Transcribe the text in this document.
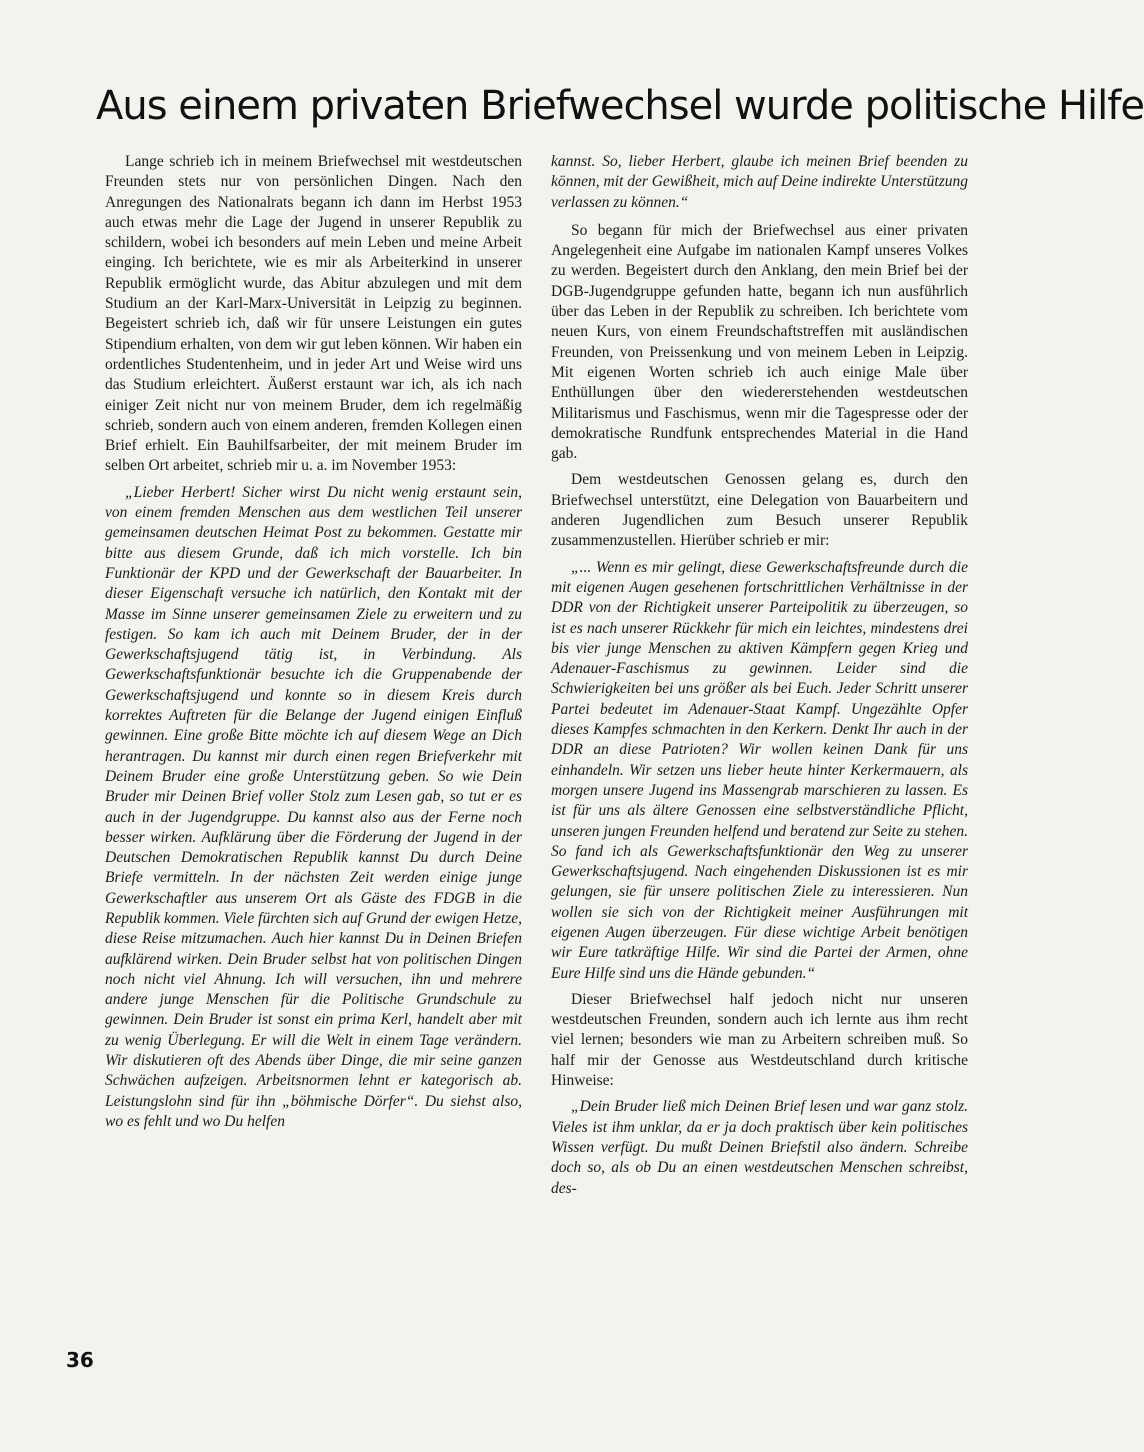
Aus einem privaten Briefwechsel wurde politische Hilfe

Lange schrieb ich in meinem Briefwechsel mit westdeutschen Freunden stets nur von persönlichen Dingen. Nach den Anregungen des Nationalrats begann ich dann im Herbst 1953 auch etwas mehr die Lage der Jugend in unserer Republik zu schildern, wobei ich besonders auf mein Leben und meine Arbeit einging. Ich berichtete, wie es mir als Arbeiterkind in unserer Republik ermöglicht wurde, das Abitur abzulegen und mit dem Studium an der Karl-Marx-Universität in Leipzig zu beginnen. Begeistert schrieb ich, daß wir für unsere Leistungen ein gutes Stipendium erhalten, von dem wir gut leben können. Wir haben ein ordentliches Studentenheim, und in jeder Art und Weise wird uns das Studium erleichtert. Äußerst erstaunt war ich, als ich nach einiger Zeit nicht nur von meinem Bruder, dem ich regelmäßig schrieb, sondern auch von einem anderen, fremden Kollegen einen Brief erhielt. Ein Bauhilfsarbeiter, der mit meinem Bruder im selben Ort arbeitet, schrieb mir u. a. im November 1953:

„Lieber Herbert! Sicher wirst Du nicht wenig erstaunt sein, von einem fremden Menschen aus dem westlichen Teil unserer gemeinsamen deutschen Heimat Post zu bekommen. Gestatte mir bitte aus diesem Grunde, daß ich mich vorstelle. Ich bin Funktionär der KPD und der Gewerkschaft der Bauarbeiter. In dieser Eigenschaft versuche ich natürlich, den Kontakt mit der Masse im Sinne unserer gemeinsamen Ziele zu erweitern und zu festigen. So kam ich auch mit Deinem Bruder, der in der Gewerkschaftsjugend tätig ist, in Verbindung. Als Gewerkschaftsfunktionär besuchte ich die Gruppenabende der Gewerkschaftsjugend und konnte so in diesem Kreis durch korrektes Auftreten für die Belange der Jugend einigen Einfluß gewinnen. Eine große Bitte möchte ich auf diesem Wege an Dich herantragen. Du kannst mir durch einen regen Briefverkehr mit Deinem Bruder eine große Unterstützung geben. So wie Dein Bruder mir Deinen Brief voller Stolz zum Lesen gab, so tut er es auch in der Jugendgruppe. Du kannst also aus der Ferne noch besser wirken. Aufklärung über die Förderung der Jugend in der Deutschen Demokratischen Republik kannst Du durch Deine Briefe vermitteln. In der nächsten Zeit werden einige junge Gewerkschaftler aus unserem Ort als Gäste des FDGB in die Republik kommen. Viele fürchten sich auf Grund der ewigen Hetze, diese Reise mitzumachen. Auch hier kannst Du in Deinen Briefen aufklärend wirken. Dein Bruder selbst hat von politischen Dingen noch nicht viel Ahnung. Ich will versuchen, ihn und mehrere andere junge Menschen für die Politische Grundschule zu gewinnen. Dein Bruder ist sonst ein prima Kerl, handelt aber mit zu wenig Überlegung. Er will die Welt in einem Tage verändern. Wir diskutieren oft des Abends über Dinge, die mir seine ganzen Schwächen aufzeigen. Arbeitsnormen lehnt er kategorisch ab. Leistungslohn sind für ihn „böhmische Dörfer“. Du siehst also, wo es fehlt und wo Du helfen

kannst. So, lieber Herbert, glaube ich meinen Brief beenden zu können, mit der Gewißheit, mich auf Deine indirekte Unterstützung verlassen zu können.“

So begann für mich der Briefwechsel aus einer privaten Angelegenheit eine Aufgabe im nationalen Kampf unseres Volkes zu werden. Begeistert durch den Anklang, den mein Brief bei der DGB-Jugendgruppe gefunden hatte, begann ich nun ausführlich über das Leben in der Republik zu schreiben. Ich berichtete vom neuen Kurs, von einem Freundschaftstreffen mit ausländischen Freunden, von Preissenkung und von meinem Leben in Leipzig. Mit eigenen Worten schrieb ich auch einige Male über Enthüllungen über den wiedererstehenden westdeutschen Militarismus und Faschismus, wenn mir die Tagespresse oder der demokratische Rundfunk entsprechendes Material in die Hand gab.

Dem westdeutschen Genossen gelang es, durch den Briefwechsel unterstützt, eine Delegation von Bauarbeitern und anderen Jugendlichen zum Besuch unserer Republik zusammenzustellen. Hierüber schrieb er mir:

„... Wenn es mir gelingt, diese Gewerkschaftsfreunde durch die mit eigenen Augen gesehenen fortschrittlichen Verhältnisse in der DDR von der Richtigkeit unserer Parteipolitik zu überzeugen, so ist es nach unserer Rückkehr für mich ein leichtes, mindestens drei bis vier junge Menschen zu aktiven Kämpfern gegen Krieg und Adenauer-Faschismus zu gewinnen. Leider sind die Schwierigkeiten bei uns größer als bei Euch. Jeder Schritt unserer Partei bedeutet im Adenauer-Staat Kampf. Ungezählte Opfer dieses Kampfes schmachten in den Kerkern. Denkt Ihr auch in der DDR an diese Patrioten? Wir wollen keinen Dank für uns einhandeln. Wir setzen uns lieber heute hinter Kerkermauern, als morgen unsere Jugend ins Massengrab marschieren zu lassen. Es ist für uns als ältere Genossen eine selbstverständliche Pflicht, unseren jungen Freunden helfend und beratend zur Seite zu stehen. So fand ich als Gewerkschaftsfunktionär den Weg zu unserer Gewerkschaftsjugend. Nach eingehenden Diskussionen ist es mir gelungen, sie für unsere politischen Ziele zu interessieren. Nun wollen sie sich von der Richtigkeit meiner Ausführungen mit eigenen Augen überzeugen. Für diese wichtige Arbeit benötigen wir Eure tatkräftige Hilfe. Wir sind die Partei der Armen, ohne Eure Hilfe sind uns die Hände gebunden.“

Dieser Briefwechsel half jedoch nicht nur unseren westdeutschen Freunden, sondern auch ich lernte aus ihm recht viel lernen; besonders wie man zu Arbeitern schreiben muß. So half mir der Genosse aus Westdeutschland durch kritische Hinweise:

„Dein Bruder ließ mich Deinen Brief lesen und war ganz stolz. Vieles ist ihm unklar, da er ja doch praktisch über kein politisches Wissen verfügt. Du mußt Deinen Briefstil also ändern. Schreibe doch so, als ob Du an einen westdeutschen Menschen schreibst, des-

36
